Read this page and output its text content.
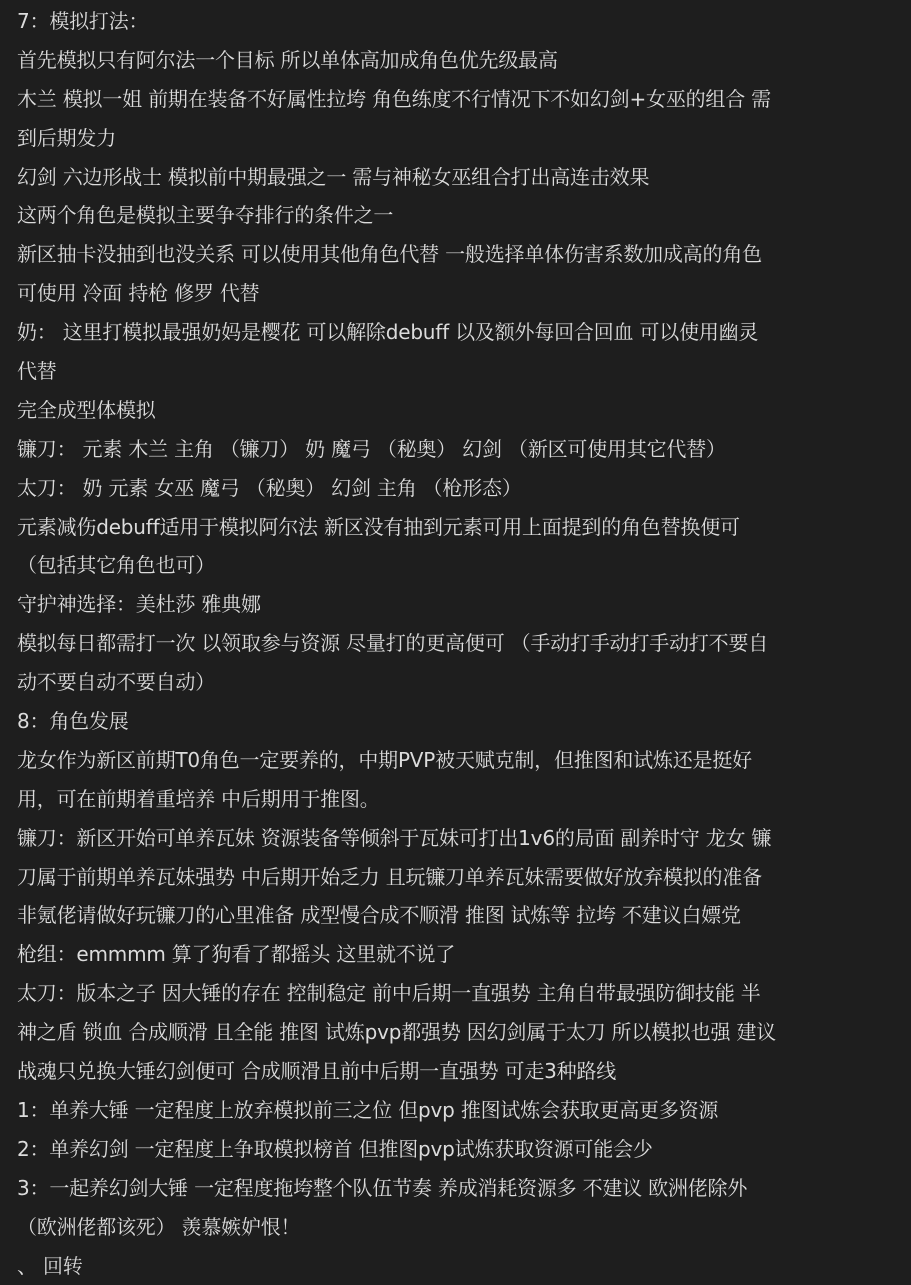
7：模拟打法：
首先模拟只有阿尔法一个目标 所以单体高加成角色优先级最高
木兰 模拟一姐 前期在装备不好属性拉垮 角色练度不行情况下不如幻剑+女巫的组合 需
到后期发力
幻剑 六边形战士 模拟前中期最强之一 需与神秘女巫组合打出高连击效果
这两个角色是模拟主要争夺排行的条件之一
新区抽卡没抽到也没关系 可以使用其他角色代替 一般选择单体伤害系数加成高的角色
可使用 冷面 持枪 修罗 代替
奶： 这里打模拟最强奶妈是樱花 可以解除debuff 以及额外每回合回血 可以使用幽灵
代替
完全成型体模拟
镰刀： 元素 木兰 主角 （镰刀） 奶 魔弓 （秘奥） 幻剑 （新区可使用其它代替）
太刀： 奶 元素 女巫 魔弓 （秘奥） 幻剑 主角 （枪形态）
元素减伤debuff适用于模拟阿尔法 新区没有抽到元素可用上面提到的角色替换便可
（包括其它角色也可）
守护神选择：美杜莎 雅典娜
模拟每日都需打一次 以领取参与资源 尽量打的更高便可 （手动打手动打手动打不要自
动不要自动不要自动）
8：角色发展
龙女作为新区前期T0角色一定要养的，中期PVP被天赋克制，但推图和试炼还是挺好
用，可在前期着重培养 中后期用于推图。
镰刀：新区开始可单养瓦妹 资源装备等倾斜于瓦妹可打出1v6的局面 副养时守 龙女 镰
刀属于前期单养瓦妹强势 中后期开始乏力 且玩镰刀单养瓦妹需要做好放弃模拟的准备
非氪佬请做好玩镰刀的心里准备 成型慢合成不顺滑 推图 试炼等 拉垮 不建议白嫖党
枪组：emmmm 算了狗看了都摇头 这里就不说了
太刀：版本之子 因大锤的存在 控制稳定 前中后期一直强势 主角自带最强防御技能 半
神之盾 锁血 合成顺滑 且全能 推图 试炼pvp都强势 因幻剑属于太刀 所以模拟也强 建议
战魂只兑换大锤幻剑便可 合成顺滑且前中后期一直强势 可走3种路线
1：单养大锤 一定程度上放弃模拟前三之位 但pvp 推图试炼会获取更高更多资源
2：单养幻剑 一定程度上争取模拟榜首 但推图pvp试炼获取资源可能会少
3：一起养幻剑大锤 一定程度拖垮整个队伍节奏 养成消耗资源多 不建议 欧洲佬除外
（欧洲佬都该死） 羡慕嫉妒恨！
、 回转
